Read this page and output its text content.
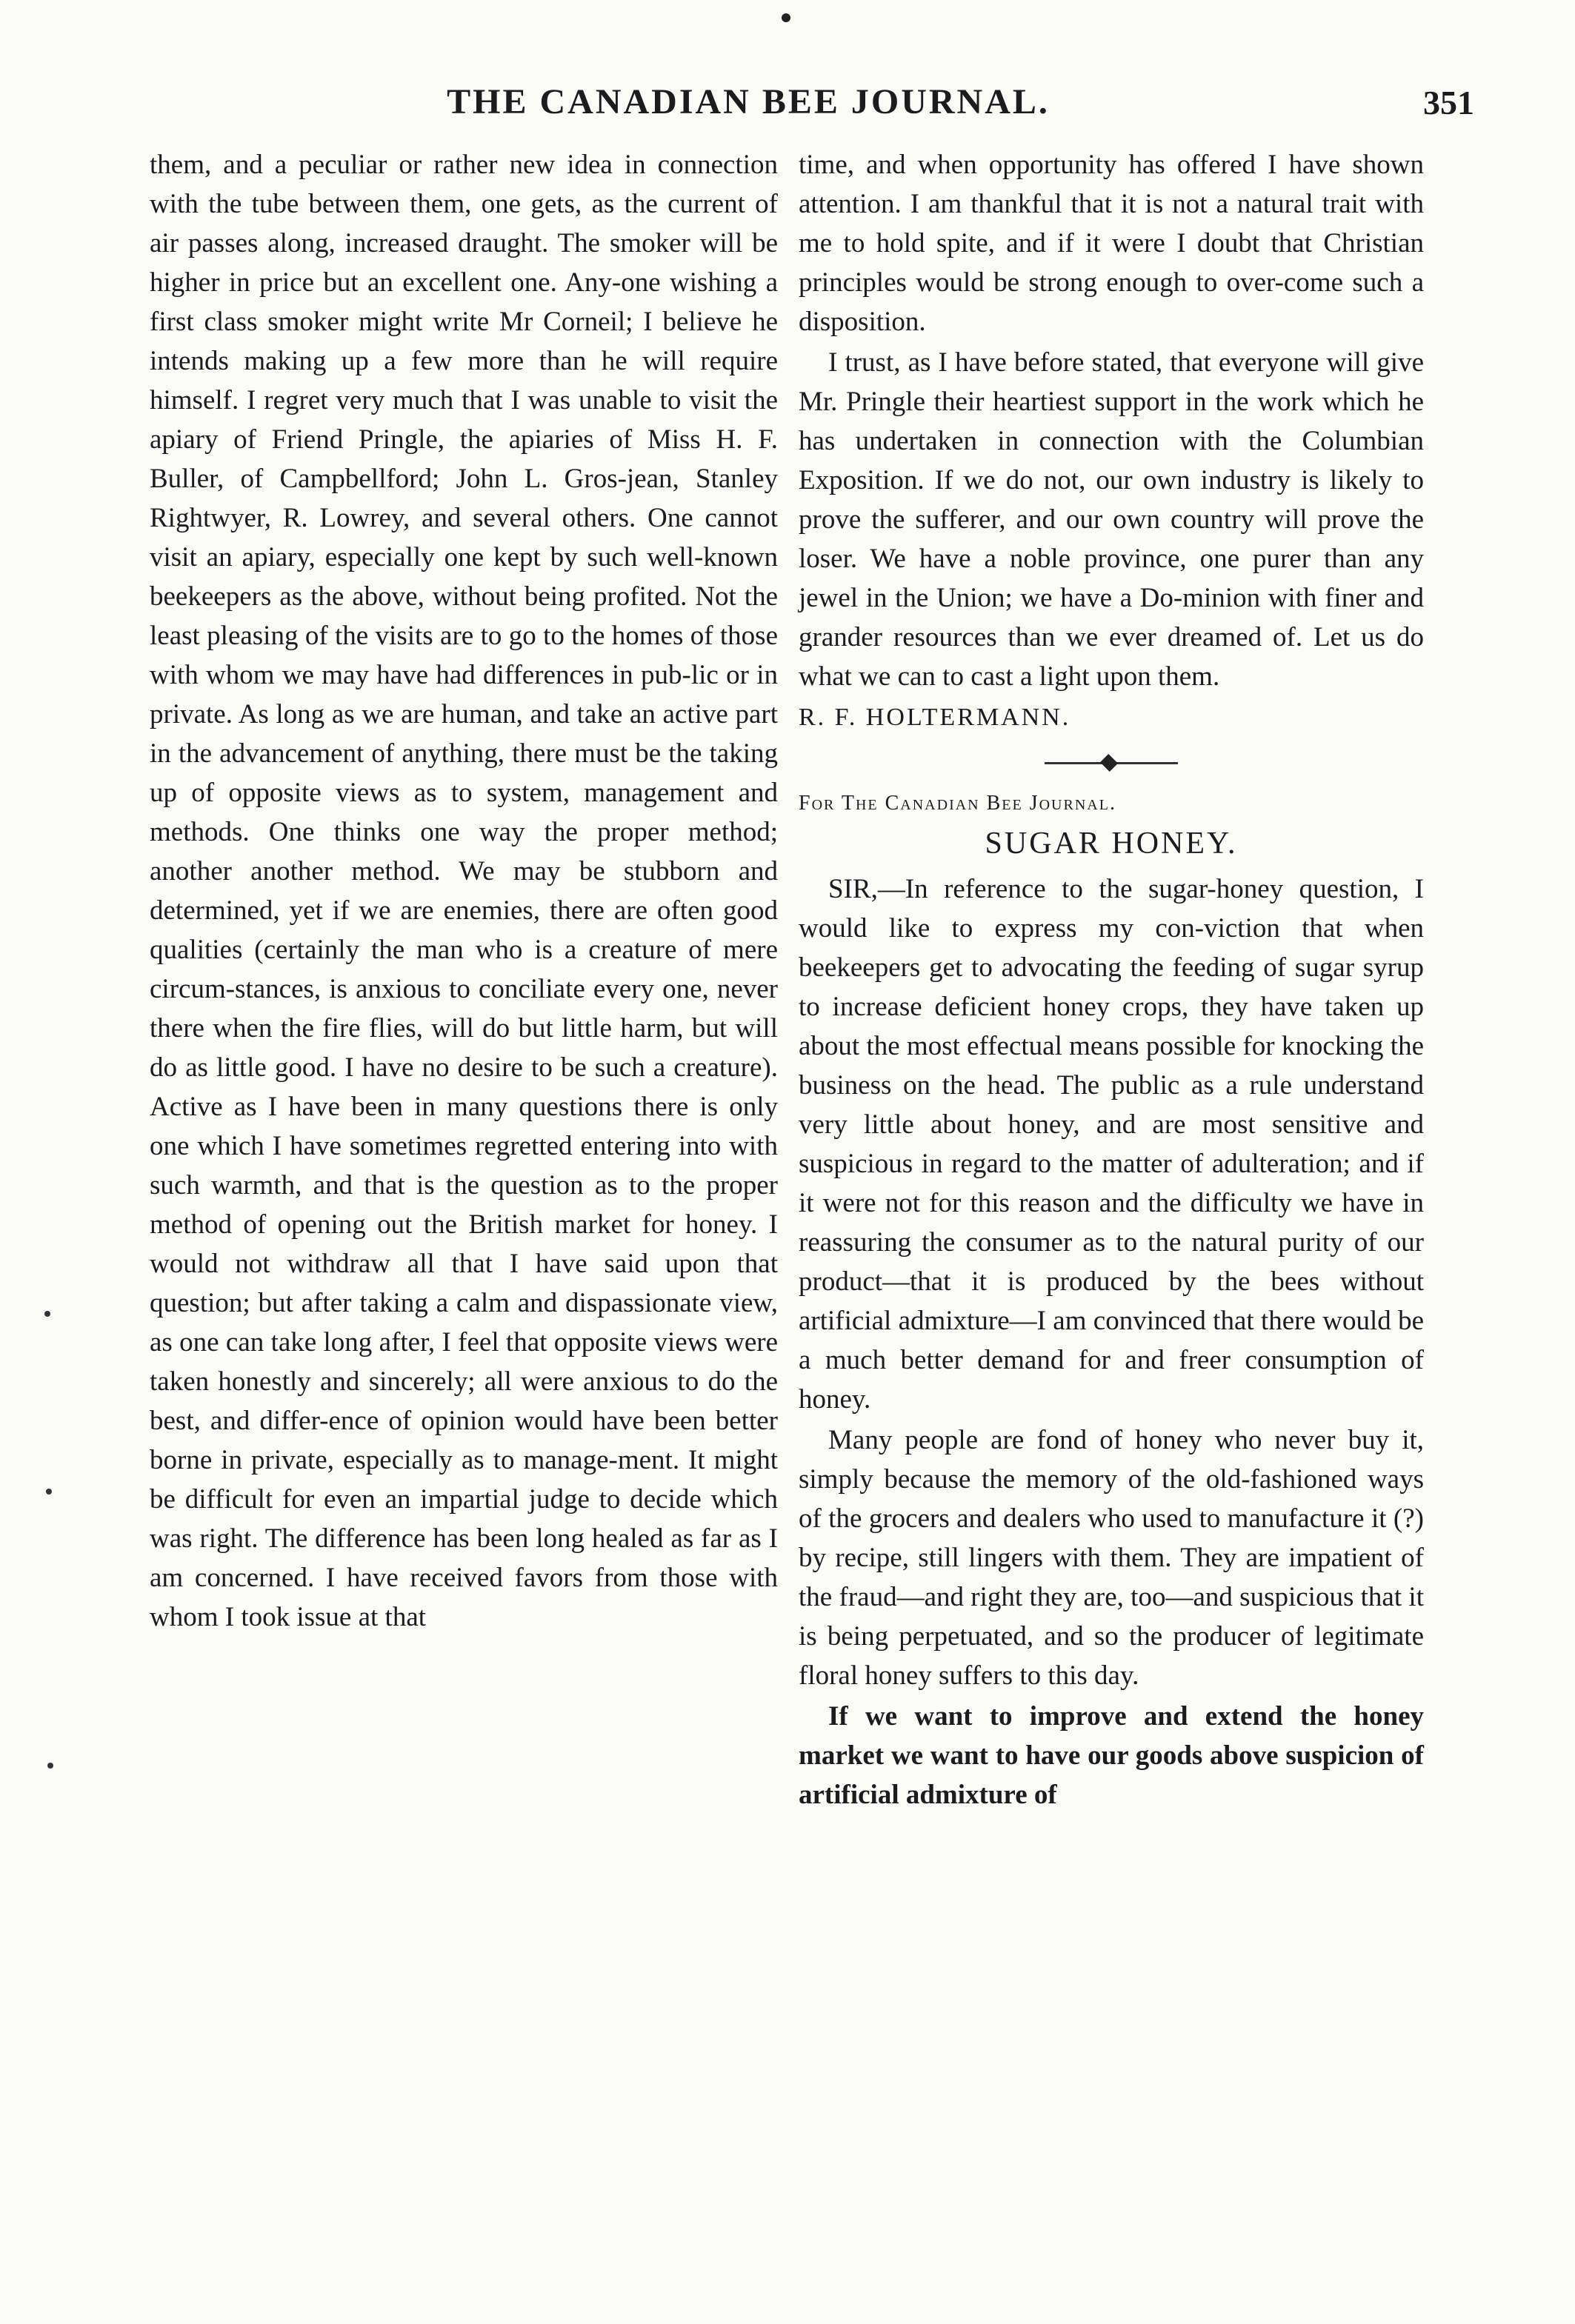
THE CANADIAN BEE JOURNAL.	351

them, and a peculiar or rather new idea in connection with the tube between them, one gets, as the current of air passes along, increased draught. The smoker will be higher in price but an excellent one. Any-one wishing a first class smoker might write Mr Corneil; I believe he intends making up a few more than he will require himself. I regret very much that I was unable to visit the apiary of Friend Pringle, the apiaries of Miss H. F. Buller, of Campbellford; John L. Gros-jean, Stanley Rightwyer, R. Lowrey, and several others. One cannot visit an apiary, especially one kept by such well-known beekeepers as the above, without being profited. Not the least pleasing of the visits are to go to the homes of those with whom we may have had differences in pub-lic or in private. As long as we are human, and take an active part in the advancement of anything, there must be the taking up of opposite views as to system, management and methods. One thinks one way the proper method; another another method. We may be stubborn and determined, yet if we are enemies, there are often good qualities (certainly the man who is a creature of mere circum-stances, is anxious to conciliate every one, never there when the fire flies, will do but little harm, but will do as little good. I have no desire to be such a creature). Active as I have been in many questions there is only one which I have sometimes regretted entering into with such warmth, and that is the question as to the proper method of opening out the British market for honey. I would not withdraw all that I have said upon that question; but after taking a calm and dispassionate view, as one can take long after, I feel that opposite views were taken honestly and sincerely; all were anxious to do the best, and differ-ence of opinion would have been better borne in private, especially as to manage-ment. It might be difficult for even an impartial judge to decide which was right. The difference has been long healed as far as I am concerned. I have received favors from those with whom I took issue at that

time, and when opportunity has offered I have shown attention. I am thankful that it is not a natural trait with me to hold spite, and if it were I doubt that Christian principles would be strong enough to over-come such a disposition.

I trust, as I have before stated, that everyone will give Mr. Pringle their heartiest support in the work which he has undertaken in connection with the Columbian Exposition. If we do not, our own industry is likely to prove the sufferer, and our own country will prove the loser. We have a noble province, one purer than any jewel in the Union; we have a Do-minion with finer and grander resources than we ever dreamed of. Let us do what we can to cast a light upon them.

R. F. HOLTERMANN.

For The Canadian Bee Journal.

SUGAR HONEY.

SIR,—In reference to the sugar-honey question, I would like to express my con-viction that when beekeepers get to advocating the feeding of sugar syrup to increase deficient honey crops, they have taken up about the most effectual means possible for knocking the business on the head. The public as a rule understand very little about honey, and are most sensitive and suspicious in regard to the matter of adulteration; and if it were not for this reason and the difficulty we have in reassuring the consumer as to the natural purity of our product—that it is produced by the bees without artificial admixture—I am convinced that there would be a much better demand for and freer consumption of honey.

Many people are fond of honey who never buy it, simply because the memory of the old-fashioned ways of the grocers and dealers who used to manufacture it (?) by recipe, still lingers with them. They are impatient of the fraud—and right they are, too—and suspicious that it is being perpetuated, and so the producer of legitimate floral honey suffers to this day.

If we want to improve and extend the honey market we want to have our goods above suspicion of artificial admixture of
